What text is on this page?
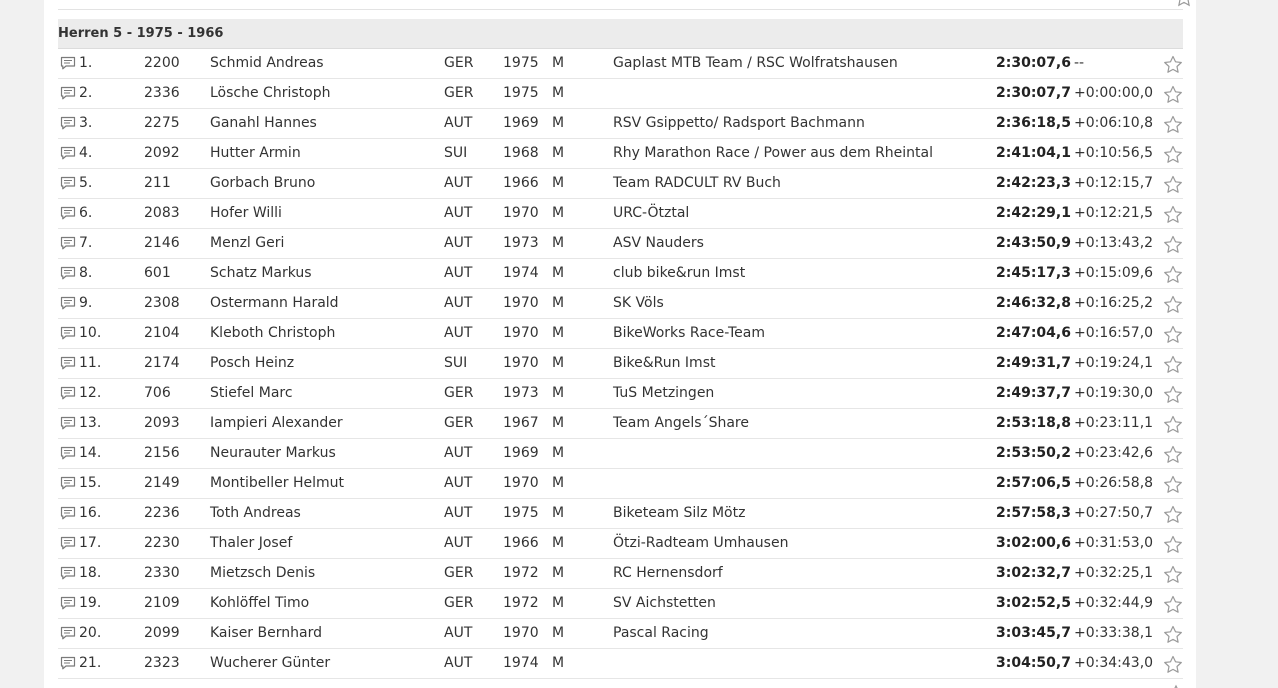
Herren 5 - 1975 - 1966
1.	2200 Schmid Andreas	GER 1975 M	Gaplast MTB Team / RSC Wolfratshausen	2:30:07,6 --
2.	2336 Lösche Christoph	GER 1975 M	2:30:07,7 +0:00:00,0
3.	2275 Ganahl Hannes	AUT 1969 M	RSV Gsippetto/ Radsport Bachmann	2:36:18,5 +0:06:10,8
4.	2092 Hutter Armin	SUI	1968 M	Rhy Marathon Race / Power aus dem Rheintal	2:41:04,1 +0:10:56,5
5.	211	Gorbach Bruno	AUT 1966 M	Team RADCULT RV Buch	2:42:23,3 +0:12:15,7
6.	2083 Hofer Willi	AUT 1970 M	URC-Ötztal	2:42:29,1 +0:12:21,5
7.	2146 Menzl Geri	AUT 1973 M	ASV Nauders	2:43:50,9 +0:13:43,2
8.	601	Schatz Markus	AUT 1974 M	club bike&run Imst	2:45:17,3 +0:15:09,6
9.	2308 Ostermann Harald	AUT 1970 M	SK Völs	2:46:32,8 +0:16:25,2
10.	2104 Kleboth Christoph	AUT 1970 M	BikeWorks Race-Team	2:47:04,6 +0:16:57,0
11.	2174 Posch Heinz	SUI	1970 M	Bike&Run Imst	2:49:31,7 +0:19:24,1
12.	706	Stiefel Marc	GER 1973 M	TuS Metzingen	2:49:37,7 +0:19:30,0
13.	2093 Iampieri Alexander	GER 1967 M	Team Angels´Share	2:53:18,8 +0:23:11,1
14.	2156 Neurauter Markus	AUT 1969 M	2:53:50,2 +0:23:42,6
15.	2149 Montibeller Helmut	AUT 1970 M	2:57:06,5 +0:26:58,8
16.	2236 Toth Andreas	AUT 1975 M	Biketeam Silz Mötz	2:57:58,3 +0:27:50,7
17.	2230 Thaler Josef	AUT 1966 M	Ötzi-Radteam Umhausen	3:02:00,6 +0:31:53,0
18.	2330 Mietzsch Denis	GER 1972 M	RC Hernensdorf	3:02:32,7 +0:32:25,1
19.	2109 Kohlöffel Timo	GER 1972 M	SV Aichstetten	3:02:52,5 +0:32:44,9
20.	2099 Kaiser Bernhard	AUT 1970 M	Pascal Racing	3:03:45,7 +0:33:38,1
21.	2323 Wucherer Günter	AUT 1974 M	3:04:50,7 +0:34:43,0
